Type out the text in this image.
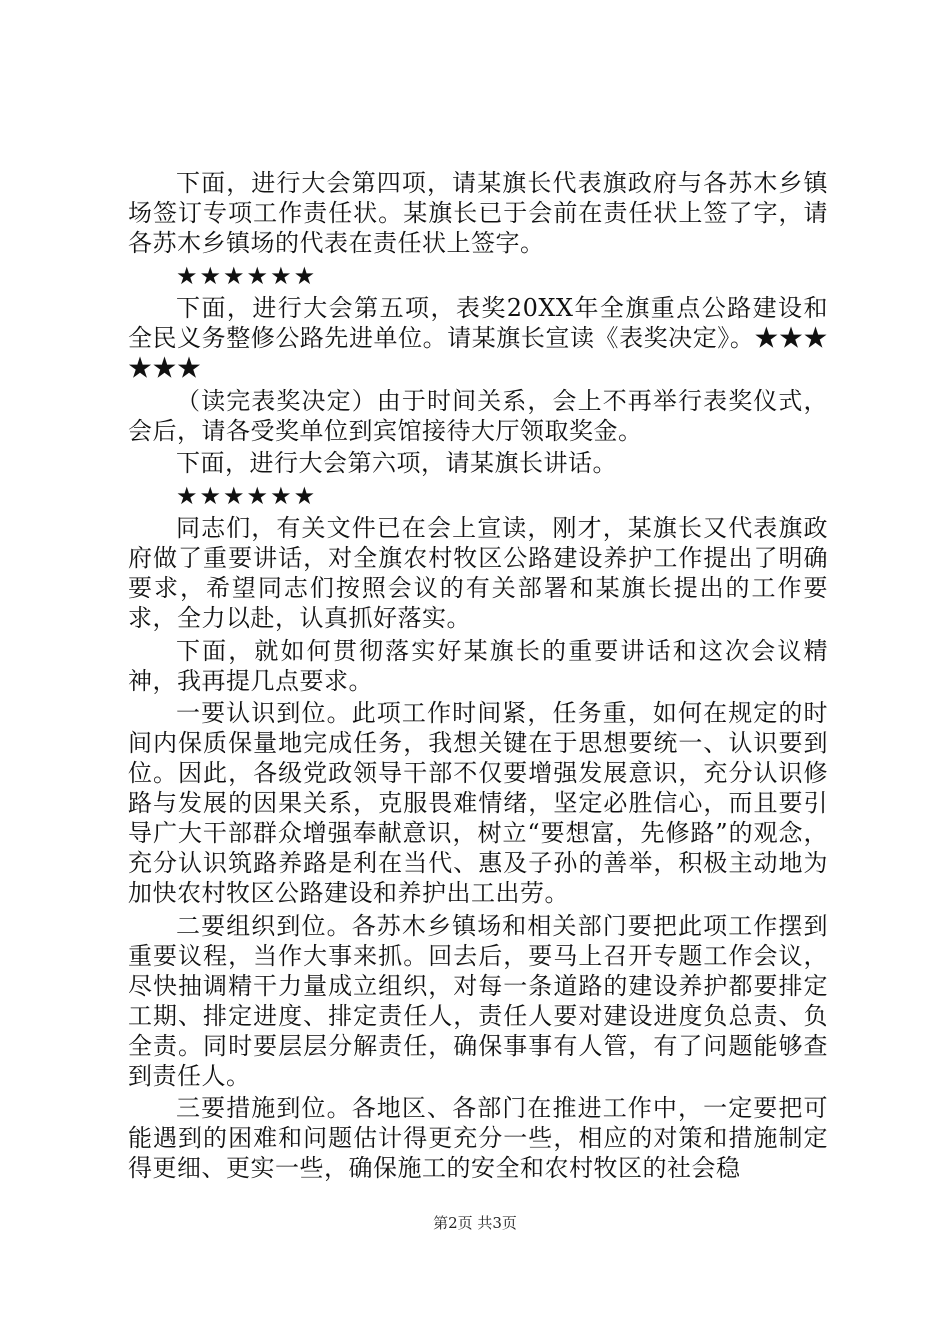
下面，进行大会第四项，请某旗长代表旗政府与各苏木乡镇场签订专项工作责任状。某旗长已于会前在责任状上签了字，请各苏木乡镇场的代表在责任状上签字。

★★★★★★

下面，进行大会第五项，表奖20XX年全旗重点公路建设和全民义务整修公路先进单位。请某旗长宣读《表奖决定》。★★★★★★

（读完表奖决定）由于时间关系，会上不再举行表奖仪式，会后，请各受奖单位到宾馆接待大厅领取奖金。

下面，进行大会第六项，请某旗长讲话。

★★★★★★

同志们，有关文件已在会上宣读，刚才，某旗长又代表旗政府做了重要讲话，对全旗农村牧区公路建设养护工作提出了明确要求，希望同志们按照会议的有关部署和某旗长提出的工作要求，全力以赴，认真抓好落实。

下面，就如何贯彻落实好某旗长的重要讲话和这次会议精神，我再提几点要求。

一要认识到位。此项工作时间紧，任务重，如何在规定的时间内保质保量地完成任务，我想关键在于思想要统一、认识要到位。因此，各级党政领导干部不仅要增强发展意识，充分认识修路与发展的因果关系，克服畏难情绪，坚定必胜信心，而且要引导广大干部群众增强奉献意识，树立“要想富，先修路”的观念，充分认识筑路养路是利在当代、惠及子孙的善举，积极主动地为加快农村牧区公路建设和养护出工出劳。

二要组织到位。各苏木乡镇场和相关部门要把此项工作摆到重要议程，当作大事来抓。回去后，要马上召开专题工作会议，尽快抽调精干力量成立组织，对每一条道路的建设养护都要排定工期、排定进度、排定责任人，责任人要对建设进度负总责、负全责。同时要层层分解责任，确保事事有人管，有了问题能够查到责任人。

三要措施到位。各地区、各部门在推进工作中，一定要把可能遇到的困难和问题估计得更充分一些，相应的对策和措施制定得更细、更实一些，确保施工的安全和农村牧区的社会稳

第2页 共3页
